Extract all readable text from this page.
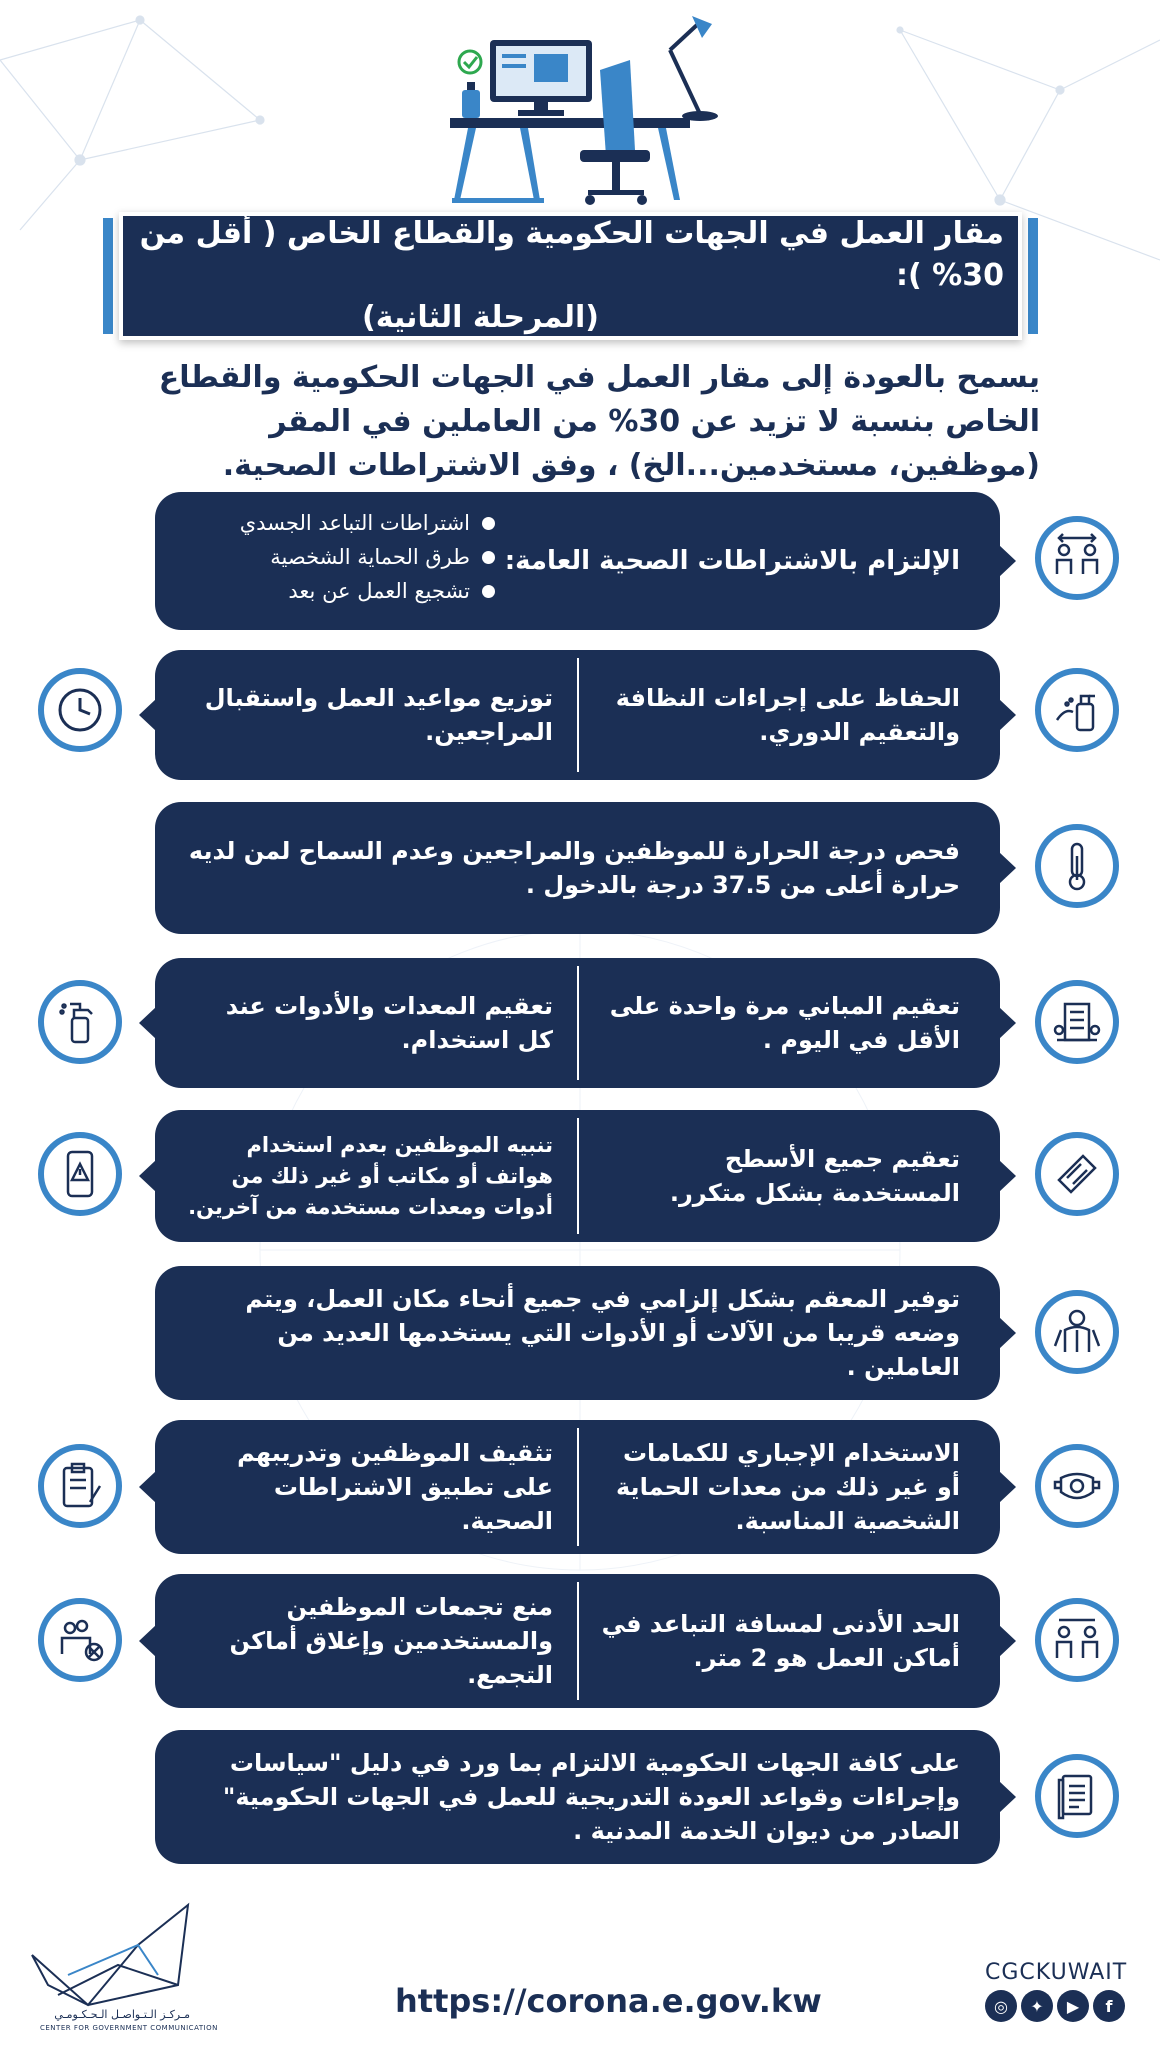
مقار العمل في الجهات الحكومية والقطاع الخاص ( أقل من 30% ):
(المرحلة الثانية)
يسمح بالعودة إلى مقار العمل في الجهات الحكومية والقطاع الخاص بنسبة لا تزيد عن 30% من العاملين في المقر (موظفين، مستخدمين...الخ) ، وفق الاشتراطات الصحية.
الإلتزام بالاشتراطات الصحية العامة:
اشتراطات التباعد الجسدي
طرق الحماية الشخصية
تشجيع العمل عن بعد
الحفاظ على إجراءات النظافة والتعقيم الدوري.
توزيع مواعيد العمل واستقبال المراجعين.
فحص درجة الحرارة للموظفين والمراجعين وعدم السماح لمن لديه حرارة أعلى من 37.5 درجة بالدخول .
تعقيم المباني مرة واحدة على الأقل في اليوم .
تعقيم المعدات والأدوات عند كل استخدام.
تعقيم جميع الأسطح المستخدمة بشكل متكرر.
تنبيه الموظفين بعدم استخدام هواتف أو مكاتب أو غير ذلك من أدوات ومعدات مستخدمة من آخرين.
توفير المعقم بشكل إلزامي في جميع أنحاء مكان العمل، ويتم وضعه قريبا من الآلات أو الأدوات التي يستخدمها العديد من العاملين .
الاستخدام الإجباري للكمامات أو غير ذلك من معدات الحماية الشخصية المناسبة.
تثقيف الموظفين وتدريبهم على تطبيق الاشتراطات الصحية.
الحد الأدنى لمسافة التباعد في أماكن العمل هو 2 متر.
منع تجمعات الموظفين والمستخدمين وإغلاق أماكن التجمع.
على كافة الجهات الحكومية الالتزام بما ورد في دليل "سياسات وإجراءات وقواعد العودة التدريجية للعمل في الجهات الحكومية" الصادر من ديوان الخدمة المدنية .
مـركـز الـتـواصـل الـحـكـومـي
CENTER FOR GOVERNMENT COMMUNICATION
https://corona.e.gov.kw
CGCKUWAIT
◎	✦	▶	f
